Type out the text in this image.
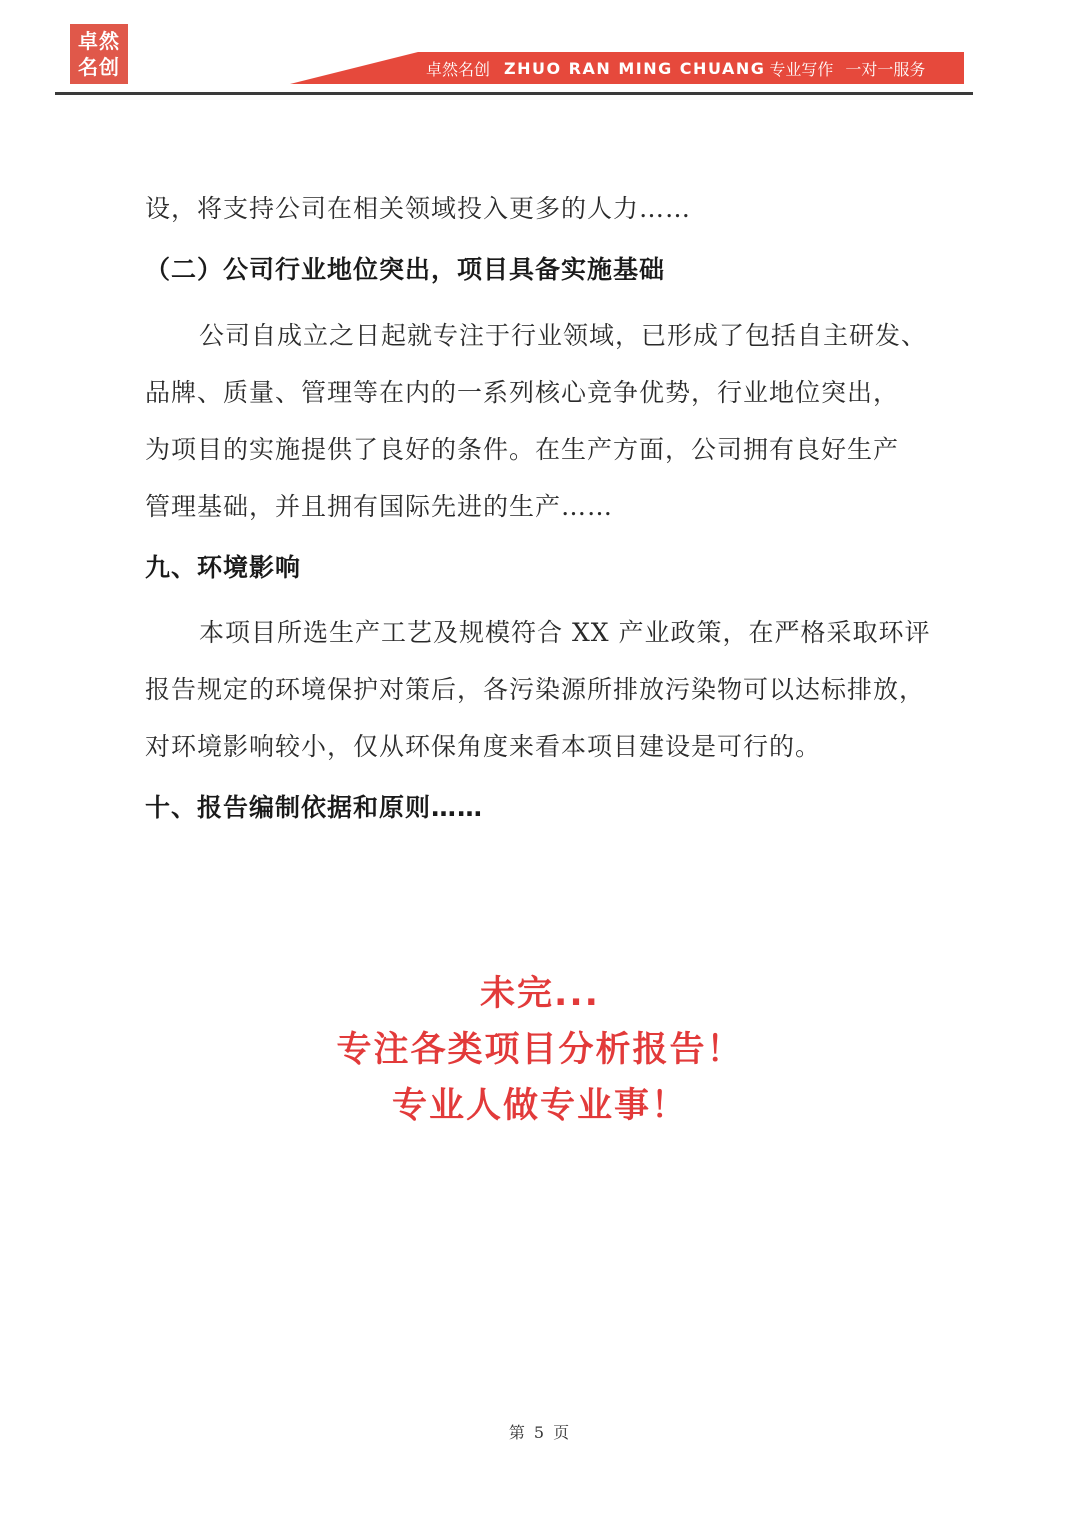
卓然
名创	卓然名创 ZHUO RAN MING CHUANG 专业写作 一对一服务
设，将支持公司在相关领域投入更多的人力……
（二）公司行业地位突出，项目具备实施基础
公司自成立之日起就专注于行业领域，已形成了包括自主研发、
品牌、质量、管理等在内的一系列核心竞争优势，行业地位突出，
为项目的实施提供了良好的条件。在生产方面，公司拥有良好生产
管理基础，并且拥有国际先进的生产……
九、环境影响
本项目所选生产工艺及规模符合 XX 产业政策，在严格采取环评
报告规定的环境保护对策后，各污染源所排放污染物可以达标排放，
对环境影响较小，仅从环保角度来看本项目建设是可行的。
十、报告编制依据和原则……
未完...
专注各类项目分析报告！
专业人做专业事！
第 5 页
